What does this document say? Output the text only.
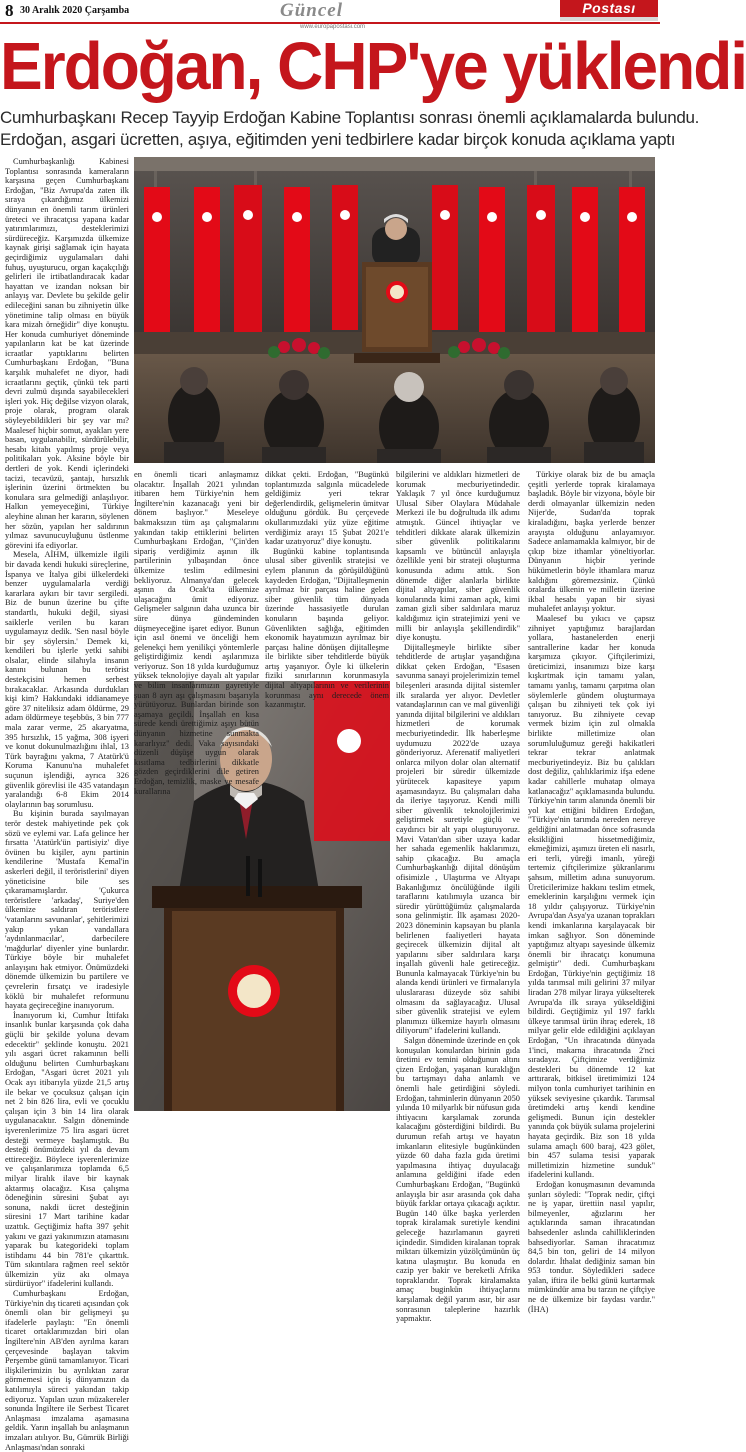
8 30 Aralık 2020 Çarşamba	Güncel	Postası
www.europapostasi.com
Erdoğan, CHP'ye yüklendi
Cumhurbaşkanı Recep Tayyip Erdoğan Kabine Toplantısı sonrası önemli açıklamalarda bulundu.
Erdoğan, asgari ücretten, aşıya, eğitimden yeni tedbirlere kadar birçok konuda açıklama yaptı

Cumhurbaşkanlığı Kabinesi Toplantısı sonrasında kameraların karşısına geçen Cumhurbaşkanı Erdoğan, "Biz Avrupa'da zaten ilk sıraya çıkardığımız ülkemizi dünyanın en önemli tarım ürünleri üreteci ve ihracatçısı yapana kadar yatırımlarımızı, desteklerimizi sürdüreceğiz. Karşımızda ülkemize kaynak girişi sağlamak için hayata geçirdiğimiz uygulamaları dahi fuhuş, uyuşturucu, organ kaçakçılığı gelirleri ile irtibatlandıracak kadar hayattan ve izandan noksan bir anlayış var. Devlete bu şekilde gelir edileceğini sanan bu zihniyetin ülke yönetimine talip olması en büyük kara mizah örneğidir" diye konuştu. Her konuda cumhuriyet döneminde yapılanların kat be kat üzerinde icraatlar yaptıklarını belirten Cumhurbaşkanı Erdoğan, "Buna karşılık muhalefet ne diyor, hadi icraatlarını geçtik, çünkü tek parti devri zulmü dışında sayabilecekleri işleri yok. Hiç değilse vizyon olarak, proje olarak, program olarak söyleyebildikleri bir şey var mı? Maalesef hiçbir somut, ayakları yere basan, uygulanabilir, sürdürülebilir, hesabı kitabı yapılmış proje veya politikaları yok. Aksine böyle bir dertleri de yok. Kendi içlerindeki tacizi, tecavüzü, şantajı, hırsızlık işlerinin üzerini örtmekten bu konulara sıra gelmediği anlaşılıyor. Halkın yemeyeceğini, Türkiye aleyhine alınan her kararın, söylenen her sözün, yapılan her saldırının yılmaz savunucuyluğunu üstlenme görevini ifa ediyorlar.

Mesela, AİHM, ülkemizle ilgili bir davada kendi hukuki süreçlerine, İspanya ve İtalya gibi ülkelerdeki benzer uygulamalarla verdiği kararlara aykırı bir tavır sergiledi. Biz de bunun üzerine bu çifte standartlı, hukuki değil, siyasi saiklerle verilen bu kararı uygulamayız dedik. 'Sen nasıl böyle bir şey söylersin.' Demek ki, kendileri bu işlerle yetki sahibi olsalar, elinde silahıyla insanın kanını bulunan bu terörist destekçisini hemen serbest bırakacaklar. Arkasında durdukları kişi kim? Hakkındaki iddianameye göre 37 niteliksiz adam öldürme, 29 adam öldürmeye teşebbüs, 3 bin 777 mala zarar verme, 25 akaryatma, 395 hırsızlık, 15 yağma, 308 işyeri ve konut dokunulmazlığını ihlal, 13 Türk bayrağını yakma, 7 Atatürk'ü Koruma Kanunu'na muhalefet suçunun işlendiği, ayrıca 326 güvenlik görevlisi ile 435 vatandaşın yaralandığı 6-8 Ekim 2014 olaylarının baş sorumlusu.

Bu kişinin burada sayılmayan terör destek mahiyetinde pek çok sözü ve eylemi var. Lafa gelince her fırsatta 'Atatürk'ün partisiyiz' diye övünen bu kişiler, aynı partinin kendilerine 'Mustafa Kemal'in askerleri değil, il teröristlerini' diyen yöneticisine bile ses çıkaramamışlardır. 'Çukurca teröristlere 'arkadaş', Suriye'den ülkemize saldıran teröristlere 'vatanlarını savunanlar', şehitlerimizi yakıp yıkan vandallara 'aydınlanmacılar', darbecilere 'mağdurlar' diyenler yine bunlardır. Türkiye böyle bir muhalefet anlayışını hak etmiyor. Önümüzdeki dönemde ülkemizin bu partilere ve çevrelerin fırsatçı ve iradesiyle köklü bir muhalefet reformunu hayata geçireceğine inanıyorum.

İnanıyorum ki, Cumhur İttifakı insanlık bunlar karşısında çok daha güçlü bir şekilde yoluna devam edecektir" şeklinde konuştu. 2021 yılı asgari ücret rakamının belli olduğunu belirten Cumhurbaşkanı Erdoğan, "Asgari ücret 2021 yılı Ocak ayı itibarıyla yüzde 21,5 artış ile bekar ve çocuksuz çalışan için net 2 bin 826 lira, evli ve çocuklu çalışan için 3 bin 14 lira olarak uygulanacaktır. Salgın döneminde işverenlerimize 75 lira asgari ücret desteği vermeye başlamıştık. Bu desteği önümüzdeki yıl da devam ettireceğiz. Böylece işverenlerimize ve çalışanlarımıza toplamda 6,5 milyar liralık ilave bir kaynak aktarmış olacağız. Kısa çalışma ödeneğinin süresini Şubat ayı sonuna, nakdi ücret desteğinin süresini 17 Mart tarihine kadar uzattık. Geçtiğimiz hafta 397 şehit yakını ve gazi yakınımızın atamasını yaparak bu kategorideki toplam istihdamı 44 bin 781'e çıkarttık. Tüm sıkıntılara rağmen reel sektör ülkemizin yüz akı olmaya sürdürüyor" ifadelerini kullandı.

Cumhurbaşkanı Erdoğan, Türkiye'nin dış ticareti açısından çok önemli olan bir gelişmeyi şu ifadelerle paylaştı: "En önemli ticaret ortaklarımızdan biri olan İngiltere'nin AB'den ayrılma kararı çerçevesinde başlayan takvim Perşembe günü tamamlanıyor. Ticari ilişkilerimizin bu ayrılıktan zarar görmemesi için iş dünyamızın da katılımıyla süreci yakından takip ediyoruz. Yapılan uzun müzakereler sonunda İngiltere ile Serbest Ticaret Anlaşması imzalama aşamasına geldik. Yarın inşallah bu anlaşmanın imzaları atılıyor. Bu, Gümrük Birliği Anlaşması'ndan sonraki

en önemli ticari anlaşmamız olacaktır. İnşallah 2021 yılından itibaren hem Türkiye'nin hem İngiltere'nin kazanacağı yeni bir dönem başlıyor." Meseleye bakmaksızın tüm aşı çalışmalarını yakından takip ettiklerini belirten Cumhurbaşkanı Erdoğan, "Çin'den sipariş verdiğimiz aşının ilk partilerinin yılbaşından önce ülkemize teslim edilmesini bekliyoruz. Almanya'dan gelecek aşının da Ocak'ta ülkemize ulaşacağını ümit ediyoruz. Gelişmeler salgının daha uzunca bir süre dünya gündeminden düşmeyeceğine işaret ediyor. Bunun için asıl önemi ve önceliği hem gelenekçi hem yenilikçi yöntemlerle geliştirdiğimiz kendi aşılarımıza veriyoruz. Son 18 yılda kurduğumuz yüksek teknolojiye dayalı alt yapılar ve bilim insanlarımızın gayretiyle şuan 8 ayrı aşı çalışmasını başarıyla yürütüyoruz. Bunlardan birinde son aşamaya geçildi. İnşallah en kısa sürede kendi ürettiğimiz aşıyı bütün dünyanın hizmetine sunmakta kararlıyız" dedi. Vaka sayısındaki düzenli düşüşe uygun olarak kısıtlama tedbirlerini dikkatle gözden geçirdiklerini dile getiren Erdoğan, temizlik, maske ve mesafe kurallarına

dikkat çekti. Erdoğan, "Bugünkü toplantımızda salgınla mücadelede geldiğimiz yeri tekrar değerlendirdik, gelişmelerin ümitvar olduğunu gördük. Bu çerçevede okullarımızdaki yüz yüze eğitime verdiğimiz arayı 15 Şubat 2021'e kadar uzatıyoruz" diye konuştu.

Bugünkü kabine toplantısında ulusal siber güvenlik stratejisi ve eylem planının da görüşüldüğünü kaydeden Erdoğan, "Dijitalleşmenin ayrılmaz bir parçası haline gelen siber güvenlik tüm dünyada üzerinde hassasiyetle durulan konuların başında geliyor. Güvenlikten sağlığa, eğitimden ekonomik hayatımızın ayrılmaz bir parçası haline dönüşen dijitalleşme ile birlikte siber tehditlerde büyük artış yaşanıyor. Öyle ki ülkelerin fiziki sınırlarının korunmasıyla dijital altyapılarının ve verilerinin korunması aynı derecede önem kazanmıştır.

bilgilerini ve aldıkları hizmetleri de korumak mecburiyetindedir. Yaklaşık 7 yıl önce kurduğumuz Ulusal Siber Olaylara Müdahale Merkezi ile bu doğrultuda ilk adımı atmıştık. Güncel ihtiyaçlar ve tehditleri dikkate alarak ülkemizin siber güvenlik politikalarını kapsamlı ve bütüncül anlayışla özellikle yeni bir strateji oluşturma konusunda adımı attık. Son dönemde diğer alanlarla birlikte dijital altyapılar, siber güvenlik konularında kimi zaman açık, kimi zaman gizli siber saldırılara maruz kaldığımız için stratejimizi yeni ve milli bir anlayışla şekillendirdik" diye konuştu.

Dijitalleşmeyle birlikte siber tehditlerde de artışlar yaşandığına dikkat çeken Erdoğan, "Esasen savunma sanayi projelerimizin temel bileşenleri arasında dijital sistemler ilk sıralarda yer alıyor. Devletler vatandaşlarının can ve mal güvenliği yanında dijital bilgilerini ve aldıkları hizmetleri de korumak mecburiyetindedir. İlk haberleşme uydumuzu 2022'de uzaya gönderiyoruz. Aferenatif maliyetleri onlarca milyon dolar olan alternatif projeleri bir süredir ülkemizde yürütecek kapasiteye yapım aşamasındayız. Bu çalışmaları daha da ileriye taşıyoruz. Kendi milli siber güvenlik teknolojilerimizi geliştirmek suretiyle güçlü ve caydırıcı bir alt yapı oluşturuyoruz. Mavi Vatan'dan siber uzaya kadar her sahada egemenlik haklarımızı, sahip çıkacağız. Bu amaçla Cumhurbaşkanlığı dijital dönüşüm ofisimizle , Ulaştırma ve Altyapı Bakanlığımız öncülüğünde ilgili taraflarını katılımıyla uzanca bir süredir yürüttüğümüz çalışmalarda sona gelinmiştir. İlk aşaması 2020- 2023 döneminin kapsayan bu planla belirlenen faaliyetleri hayata geçirecek ülkemizin dijital alt yapılarını siber saldırılara karşı inşallah güvenli hale getireceğiz. Bununla kalmayacak Türkiye'nin bu alanda kendi ürünleri ve firmalarıyla uluslararası düzeyde söz sahibi olmasını da sağlayacağız. Ulusal siber güvenlik stratejisi ve eylem planımızı ülkemize hayırlı olmasını diliyorum" ifadelerini kullandı.

Salgın döneminde üzerinde en çok konuşulan konulardan birinin gıda üretimi ev temini olduğunun altını çizen Erdoğan, yaşanan kuraklığın bu tartışmayı daha anlamlı ve önemli hale getirdiğini söyledi. Erdoğan, tahminlerin dünyanın 2050 yılında 10 milyarlık bir nüfusun gıda ihtiyacını karşılamak zorunda kalacağını gösterdiğini bildirdi. Bu durumun refah artışı ve hayatın imkanların elitesiyle bugünkünden yüzde 60 daha fazla gıda üretimi yapılmasına ihtiyaç duyulacağı anlamına geldiğini ifade eden Cumhurbaşkanı Erdoğan, "Bugünkü anlayışla bir asır arasında çok daha büyük farklar ortaya çıkacağı açıktır. Bugün 140 ülke başka yerlerden toprak kiralamak suretiyle kendini geleceğe hazırlamanın gayreti içindedir. Simdiden kiralanan toprak miktarı ülkemizin yüzölçümünün üç katına ulaşmıştır. Bu konuda en cazip yer bakir ve bereketli Afrika topraklarıdır. Toprak kiralamakta amaç buginkün ihtiyaçlarını karşılamak değil yarım asır, bir asır sonrasının taleplerine hazırlık yapmaktır.

Türkiye olarak biz de bu amaçla çeşitli yerlerde toprak kiralamaya başladık. Böyle bir vizyona, böyle bir derdi olmayanlar ülkemizin neden Nijer'de, Sudan'da toprak kiraladığını, başka yerlerde benzer arayışta olduğunu anlayamıyor. Sadece anlamamakla kalmıyor, bir de çıkıp bize ithamlar yöneltiyorlar. Dünyanın hiçbir yerinde hükümetlerin böyle ithamlara maruz kaldığını göremezsiniz. Çünkü oralarda ülkenin ve milletin üzerine ikbal hesabı yapan bir siyasi muhalefet anlayışı yoktur.

Maalesef bu yıkıcı ve çapsız zihniyet yaptığımız barajlardan yollara, hastanelerden enerji santrallerine kadar her konuda karşımıza çıkıyor. Çiftçilerimizi, üreticimizi, insanımızı bize karşı kışkırtmak için tamamı yalan, tamamı yanlış, tamamı çarpıtma olan söylemlerle gündem oluşturmaya çalışan bu zihniyeti tek çok iyi tanıyoruz. Bu zihniyete cevap vermek bizim için zul olmakla birlikte milletimize olan sorumluluğumuz gereği hakikatleri tekrar tekrar anlatmak mecburiyetindeyiz. Biz bu çalıkları dost değiliz, çalılıklarimiz ifşa edene kadar cahillerle muhatap olmaya katlanacağız" açıklamasında bulundu. Türkiye'nin tarım alanında önemli bir yol kat ettiğini bildiren Erdoğan, "Türkiye'nin tarımda nereden nereye geldiğini anlatmadan önce sofrasında eksikliğini hissetmediğimiz, ekmeğimizi, aşımızı üreten eli nasırlı, eri terli, yüreği imanlı, yüreği tertemiz çiftçilerimize şükranlarımı şahsım, milletim adına sunuyorum. Üreticilerimize hakkını teslim etmek, emeklerinin karşılığını vermek için 18 yıldır çalışıyoruz. Türkiye'nin Avrupa'dan Asya'ya uzanan toprakları kendi imkanlarına karşılayacak bir imkan sağlıyor. Son döneminde yaptığımız altyapı sayesinde ülkemiz önemli bir ihracatçı konumuna gelmiştir" dedi. Cumhurbaşkanı Erdoğan, Türkiye'nin geçtiğimiz 18 yılda tarımsal mili gelirini 37 milyar liradan 278 milyar liraya yükselterek Avrupa'da ilk sıraya yükseldiğini bildirdi. Geçtiğimiz yıl 197 farklı ülkeye tarımsal ürün ihraç ederek, 18 milyar gelir elde edildiğini açıklayan Erdoğan, "Un ihracatında dünyada 1'inci, makarna ihracatında 2'nci sıradayız. Çiftçimize verdiğimiz destekleri bu dönemde 12 kat arttırarak, bitkisel üretimimizi 124 milyon tonla cumhuriyet tarihinin en yüksek seviyesine çıkardık. Tarımsal üretimdeki artış kendi kendine gelişmedi. Bunun için destekler yanında çok büyük sulama projelerini hayata geçirdik. Biz son 18 yılda sulama amaçlı 600 baraj, 423 gölet, bin 457 sulama tesisi yaparak milletimizin hizmetine sunduk" ifadelerini kullandı.

Erdoğan konuşmasının devamında şunları söyledi: "Toprak nedir, çiftçi ne iş yapar, ürettiin nasıl yapılır, bilmeyenler, ağızlarını her açtıklarında saman ihracatından bahsedenler aslında cahilliklerinden bahsediyorlar. Saman ihracatımız 84,5 bin ton, geliri de 14 milyon dolardır. İthalat dediğiniz saman bin 953 tondur. Söyledikleri sadece yalan, iftira ile belki günü kurtarmak mümkündür ama bu tarzın ne çiftçiye ne de ülkemize bir faydası vardır." (İHA)
